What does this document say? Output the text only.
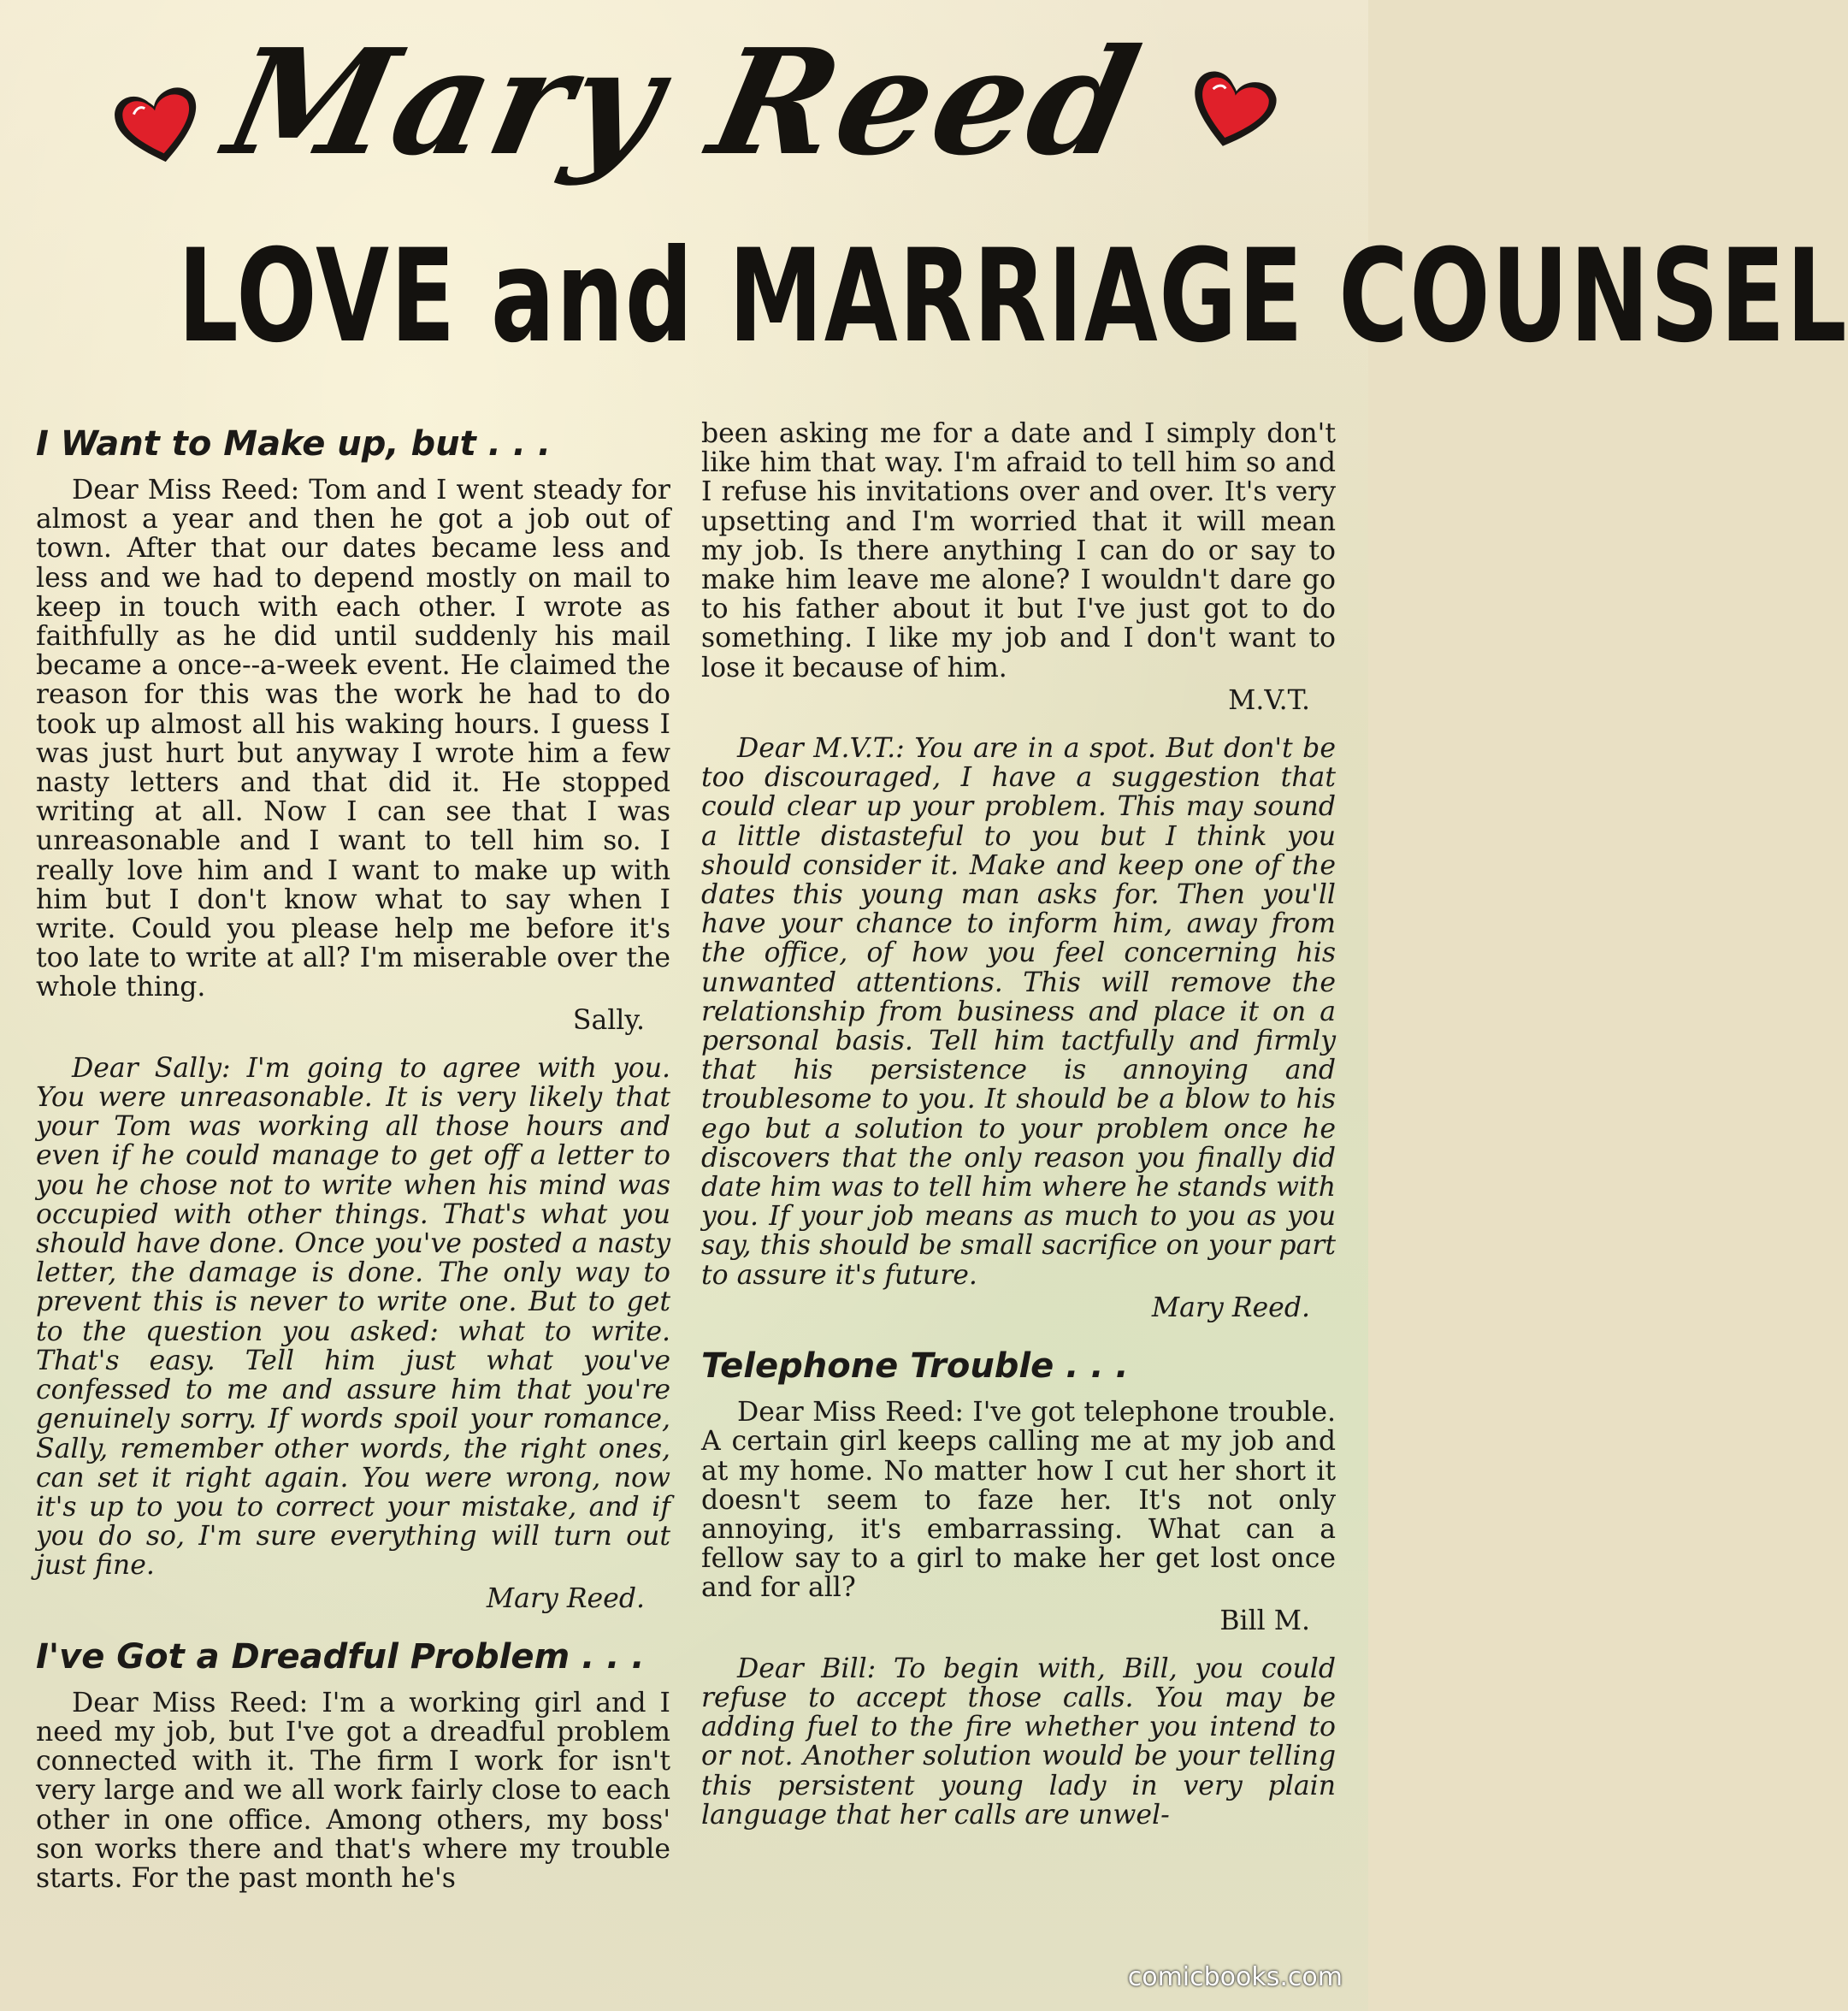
Mary Reed
LOVE and MARRIAGE COUNSEL
I Want to Make up, but . . .

Dear Miss Reed: Tom and I went steady for almost a year and then he got a job out of town. After that our dates became less and less and we had to depend mostly on mail to keep in touch with each other. I wrote as faithfully as he did until suddenly his mail became a once--a-week event. He claimed the reason for this was the work he had to do took up almost all his waking hours. I guess I was just hurt but anyway I wrote him a few nasty letters and that did it. He stopped writing at all. Now I can see that I was unreasonable and I want to tell him so. I really love him and I want to make up with him but I don't know what to say when I write. Could you please help me before it's too late to write at all? I'm miserable over the whole thing.

Sally.

Dear Sally: I'm going to agree with you. You were unreasonable. It is very likely that your Tom was working all those hours and even if he could manage to get off a letter to you he chose not to write when his mind was occupied with other things. That's what you should have done. Once you've posted a nasty letter, the damage is done. The only way to prevent this is never to write one. But to get to the question you asked: what to write. That's easy. Tell him just what you've confessed to me and assure him that you're genuinely sorry. If words spoil your romance, Sally, remember other words, the right ones, can set it right again. You were wrong, now it's up to you to correct your mistake, and if you do so, I'm sure everything will turn out just fine.

Mary Reed.
I've Got a Dreadful Problem . . .

Dear Miss Reed: I'm a working girl and I need my job, but I've got a dreadful problem connected with it. The firm I work for isn't very large and we all work fairly close to each other in one office. Among others, my boss' son works there and that's where my trouble starts. For the past month he's

been asking me for a date and I simply don't like him that way. I'm afraid to tell him so and I refuse his invitations over and over. It's very upsetting and I'm worried that it will mean my job. Is there anything I can do or say to make him leave me alone? I wouldn't dare go to his father about it but I've just got to do something. I like my job and I don't want to lose it because of him.

M.V.T.

Dear M.V.T.: You are in a spot. But don't be too discouraged, I have a suggestion that could clear up your problem. This may sound a little distasteful to you but I think you should consider it. Make and keep one of the dates this young man asks for. Then you'll have your chance to inform him, away from the office, of how you feel concerning his unwanted attentions. This will remove the relationship from business and place it on a personal basis. Tell him tactfully and firmly that his persistence is annoying and troublesome to you. It should be a blow to his ego but a solution to your problem once he discovers that the only reason you finally did date him was to tell him where he stands with you. If your job means as much to you as you say, this should be small sacrifice on your part to assure it's future.

Mary Reed.
Telephone Trouble . . .

Dear Miss Reed: I've got telephone trouble. A certain girl keeps calling me at my job and at my home. No matter how I cut her short it doesn't seem to faze her. It's not only annoying, it's embarrassing. What can a fellow say to a girl to make her get lost once and for all?

Bill M.

Dear Bill: To begin with, Bill, you could refuse to accept those calls. You may be adding fuel to the fire whether you intend to or not. Another solution would be your telling this persistent young lady in very plain language that her calls are unwel-

comicbooks.com
